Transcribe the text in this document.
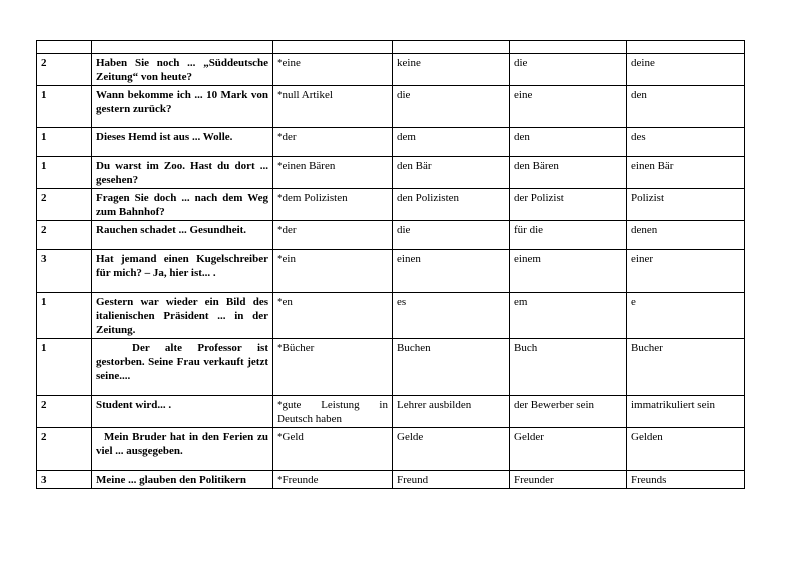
2	Haben Sie noch ... „Süddeutsche Zeitung“ von heute?	*eine	keine	die	deine
1	Wann bekomme ich ... 10 Mark von gestern zurück?	*null Artikel	die	eine	den
1	Dieses Hemd ist aus ... Wolle.	*der	dem	den	des
1	Du warst im Zoo. Hast du dort ... gesehen?	*einen Bären	den Bär	den Bären	einen Bär
2	Fragen Sie doch ... nach dem Weg zum Bahnhof?	*dem Polizisten	den Polizisten	der Polizist	Polizist
2	Rauchen schadet ... Gesundheit.	*der	die	für die	denen
3	Hat jemand einen Kugelschreiber für mich? – Ja, hier ist... .	*ein	einen	einem	einer
1	Gestern war wieder ein Bild des italienischen Präsident ... in der Zeitung.	*en	es	em	e
1	Der alte Professor ist gestorben. Seine Frau verkauft jetzt seine....	*Bücher	Buchen	Buch	Bucher
2	Student wird... .	*gute Leistung in Deutsch haben	Lehrer ausbilden	der Bewerber sein	immatrikuliert sein
2	Mein Bruder hat in den Ferien zu viel ... ausgegeben.	*Geld	Gelde	Gelder	Gelden
3	Meine ... glauben den Politikern	*Freunde	Freund	Freunder	Freunds
